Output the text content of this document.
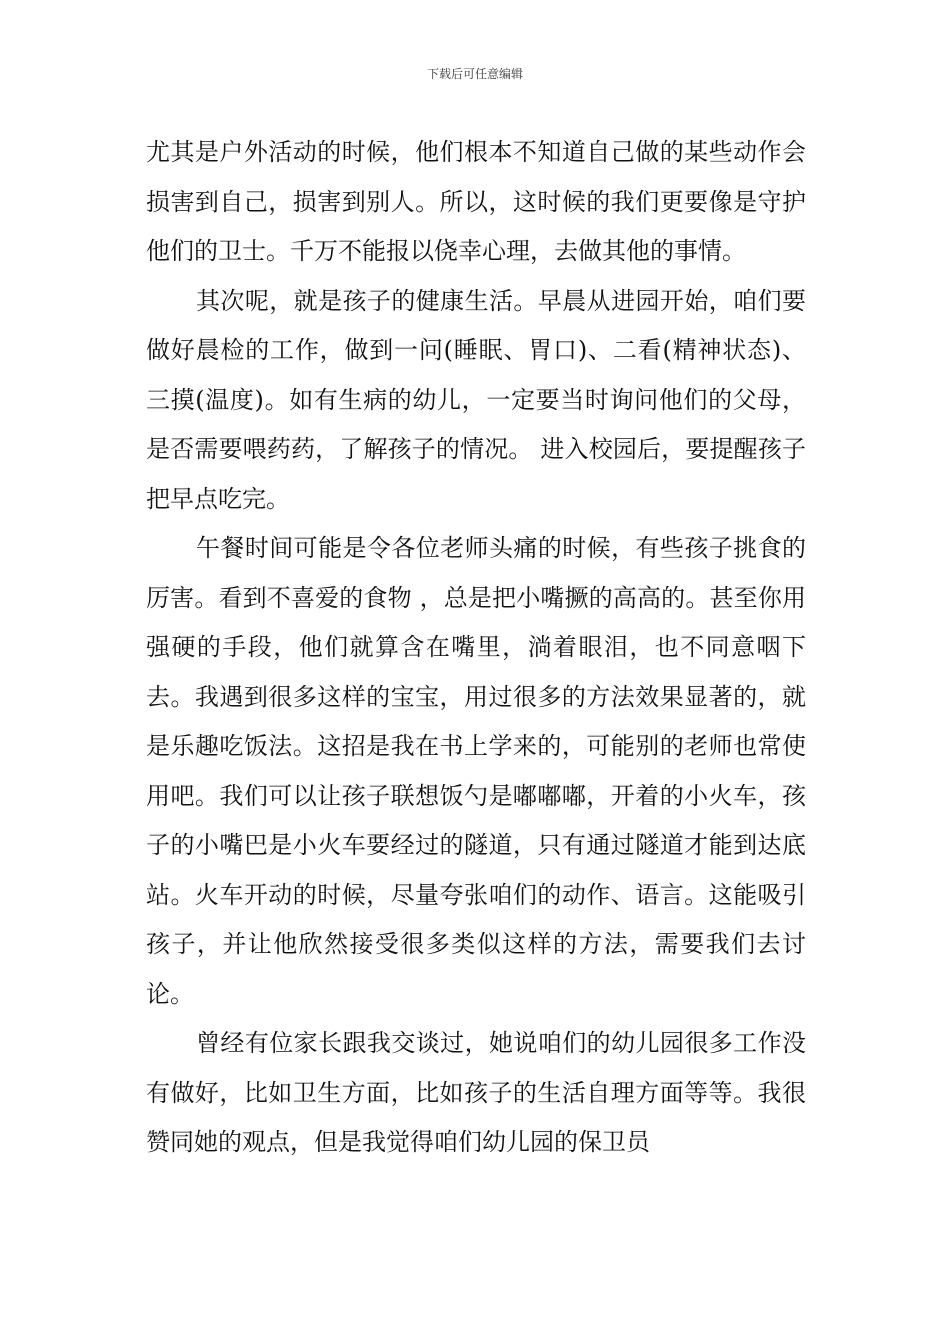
下载后可任意编辑

尤其是户外活动的时候，他们根本不知道自己做的某些动作会损害到自己，损害到别人。所以，这时候的我们更要像是守护他们的卫士。千万不能报以侥幸心理，去做其他的事情。

其次呢，就是孩子的健康生活。早晨从进园开始，咱们要做好晨检的工作，做到一问(睡眠、胃口)、二看(精神状态)、三摸(温度)。如有生病的幼儿，一定要当时询问他们的父母，是否需要喂药药，了解孩子的情况。 进入校园后，要提醒孩子把早点吃完。

午餐时间可能是令各位老师头痛的时候，有些孩子挑食的厉害。看到不喜爱的食物 ，总是把小嘴撅的高高的。甚至你用强硬的手段，他们就算含在嘴里，淌着眼泪，也不同意咽下去。我遇到很多这样的宝宝，用过很多的方法效果显著的，就是乐趣吃饭法。这招是我在书上学来的，可能别的老师也常使用吧。我们可以让孩子联想饭勺是嘟嘟嘟，开着的小火车，孩子的小嘴巴是小火车要经过的隧道，只有通过隧道才能到达底站。火车开动的时候，尽量夸张咱们的动作、语言。这能吸引孩子，并让他欣然接受很多类似这样的方法，需要我们去讨论。

曾经有位家长跟我交谈过，她说咱们的幼儿园很多工作没有做好，比如卫生方面，比如孩子的生活自理方面等等。我很赞同她的观点，但是我觉得咱们幼儿园的保卫员
